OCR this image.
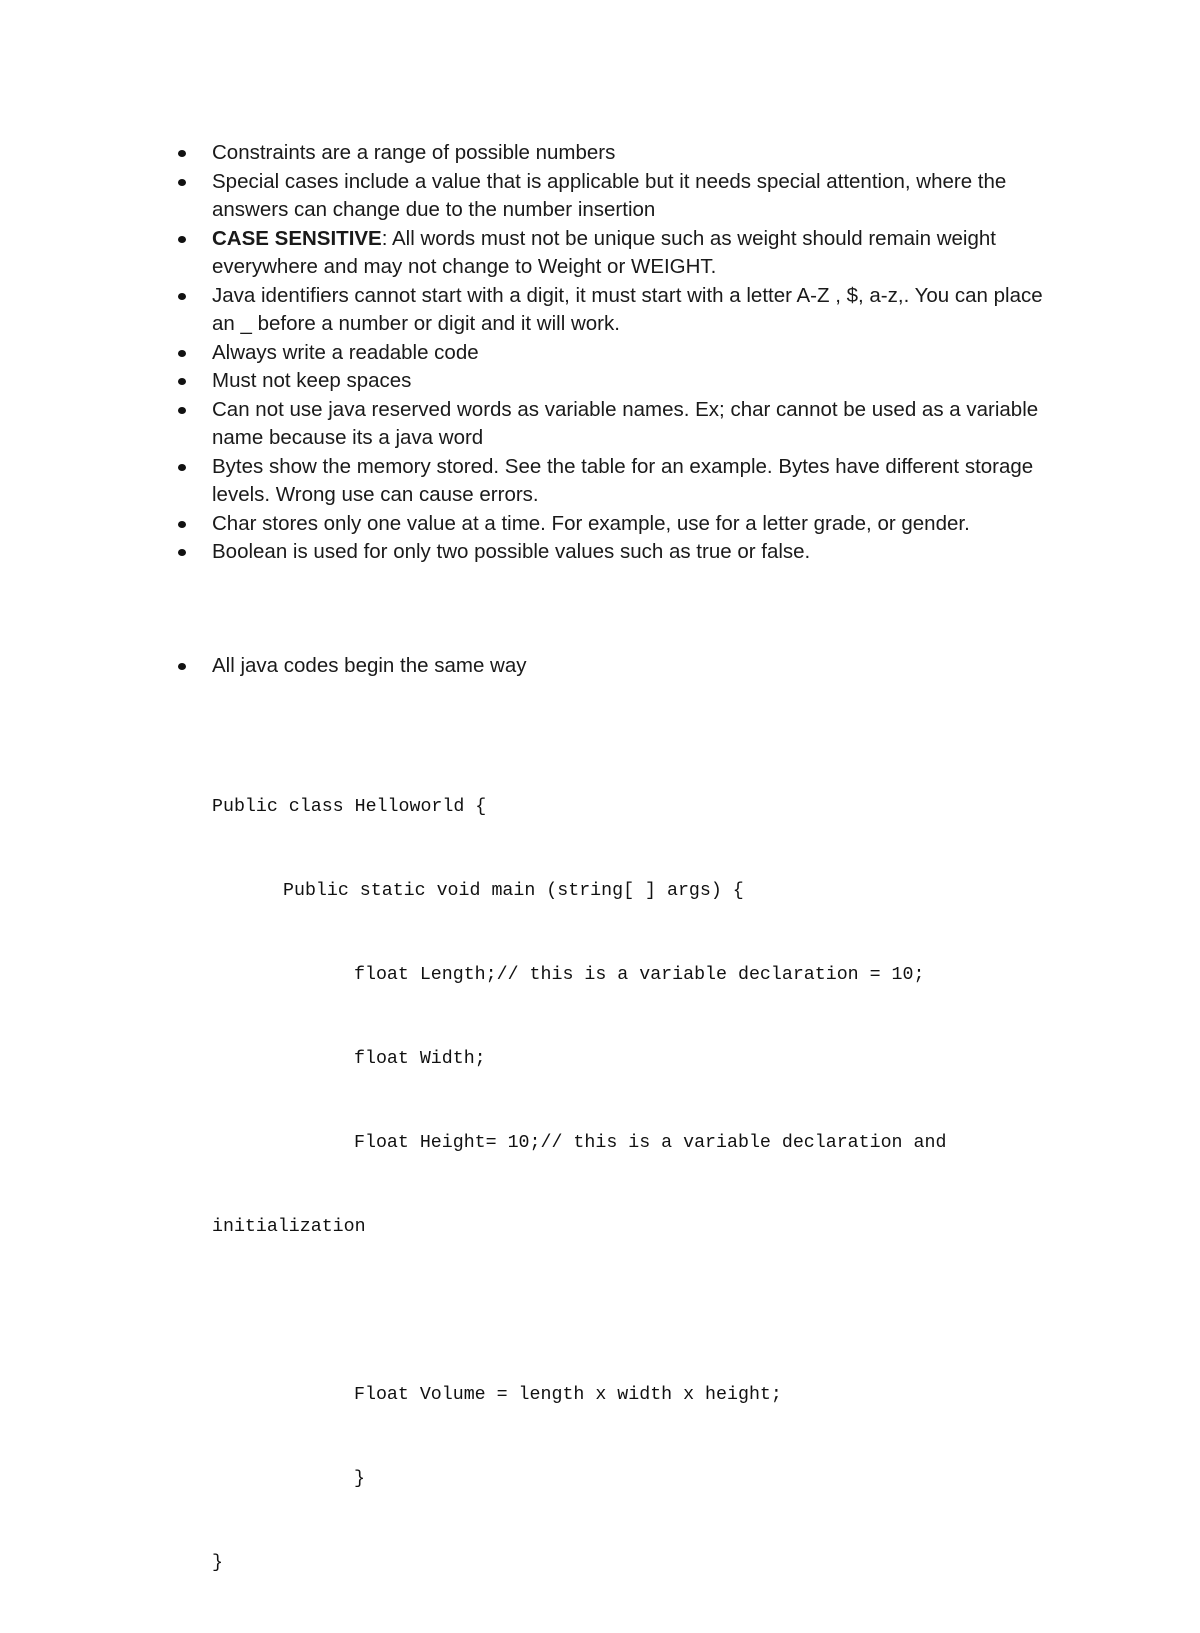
Constraints are a range of possible numbers
Special cases include a value that is applicable but it needs special attention, where the answers can change due to the number insertion
CASE SENSITIVE: All words must not be unique such as weight should remain weight everywhere and may not change to Weight or WEIGHT.
Java identifiers cannot start with a digit, it must start with a letter A-Z , $, a-z,. You can place an _ before a number or digit and it will work.
Always write a readable code
Must not keep spaces
Can not use java reserved words as variable names. Ex; char cannot be used as a variable name because its a java word
Bytes show the memory stored. See the table for an example. Bytes have different storage levels. Wrong use can cause errors.
Char stores only one value at a time. For example, use for a letter grade, or gender.
Boolean is used for only two possible values such as true or false.
All java codes begin the same way

Public class Helloworld {

Public static void main (string[ ] args) {

float Length;// this is a variable declaration = 10;

float Width;

Float Height= 10;// this is a variable declaration and

initialization

Float Volume = length x width x height;

}

}
